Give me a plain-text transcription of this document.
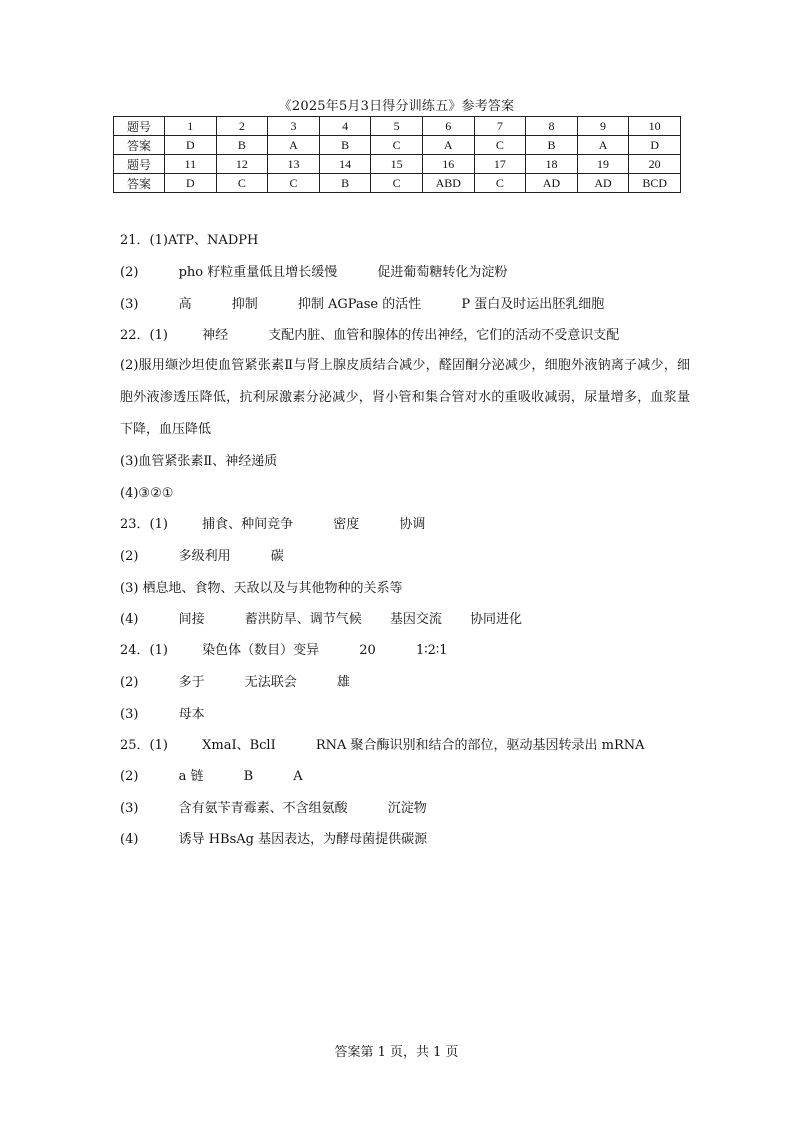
《2025年5月3日得分训练五》参考答案
题号	1	2	3	4	5	6	7	8	9	10
答案	D	B	A	B	C	A	C	B	A	D
题号	11	12	13	14	15	16	17	18	19	20
答案	D	C	C	B	C	ABD	C	AD	AD	BCD
21．(1)ATP、NADPH
(2)	pho 籽粒重量低且增长缓慢	促进葡萄糖转化为淀粉
(3)	高	抑制	抑制 AGPase 的活性	P 蛋白及时运出胚乳细胞
22．(1)	神经	支配内脏、血管和腺体的传出神经，它们的活动不受意识支配
(2)服用缬沙坦使血管紧张素Ⅱ与肾上腺皮质结合减少，醛固酮分泌减少，细胞外液钠离子减少，细胞外液渗透压降低，抗利尿激素分泌减少，肾小管和集合管对水的重吸收减弱，尿量增多，血浆量下降，血压降低
(3)血管紧张素Ⅱ、神经递质
(4)③②①
23．(1)	捕食、种间竞争	密度	协调
(2)	多级利用	碳
(3) 栖息地、食物、天敌以及与其他物种的关系等
(4)	间接	蓄洪防旱、调节气候 基因交流 协同进化
24．(1)	染色体（数目）变异	20	1∶2∶1
(2)	多于	无法联会	雄
(3)	母本
25．(1)	XmaⅠ、BclⅠ	RNA 聚合酶识别和结合的部位，驱动基因转录出 mRNA
(2)	a 链	B	A
(3)	含有氨苄青霉素、不含组氨酸	沉淀物
(4)	诱导 HBsAg 基因表达，为酵母菌提供碳源
答案第 1 页，共 1 页
